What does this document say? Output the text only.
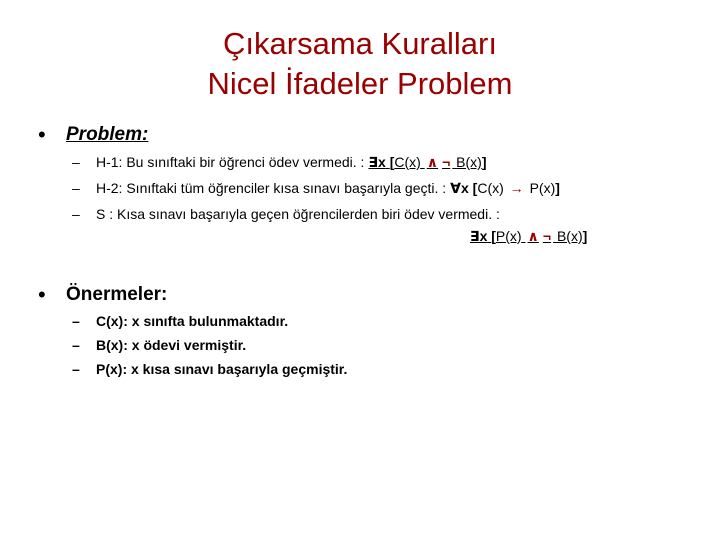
Çıkarsama Kuralları
Nicel İfadeler Problem
• Problem:
–	H-1: Bu sınıftaki bir öğrenci ödev vermedi. : ∃x [C(x) ∧ ¬ B(x)]
–	H-2: Sınıftaki tüm öğrenciler kısa sınavı başarıyla geçti. : ∀x [C(x) → P(x)]
–	S : Kısa sınavı başarıyla geçen öğrencilerden biri ödev vermedi. :
∃x [P(x) ∧ ¬ B(x)]
• Önermeler:
–	C(x): x sınıfta bulunmaktadır.
–	B(x): x ödevi vermiştir.
–	P(x): x kısa sınavı başarıyla geçmiştir.
